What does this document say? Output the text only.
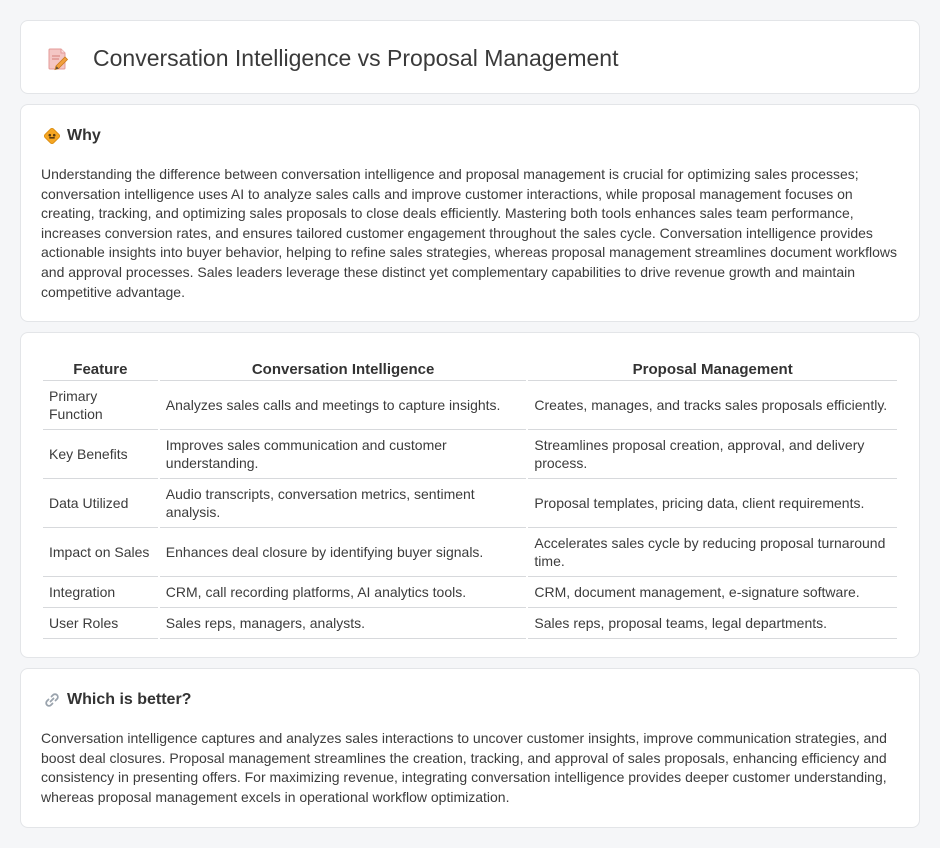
Conversation Intelligence vs Proposal Management
Why

Understanding the difference between conversation intelligence and proposal management is crucial for optimizing sales processes; conversation intelligence uses AI to analyze sales calls and improve customer interactions, while proposal management focuses on creating, tracking, and optimizing sales proposals to close deals efficiently. Mastering both tools enhances sales team performance, increases conversion rates, and ensures tailored customer engagement throughout the sales cycle. Conversation intelligence provides actionable insights into buyer behavior, helping to refine sales strategies, whereas proposal management streamlines document workflows and approval processes. Sales leaders leverage these distinct yet complementary capabilities to drive revenue growth and maintain competitive advantage.

Feature	Conversation Intelligence	Proposal Management
Primary Function	Analyzes sales calls and meetings to capture insights.	Creates, manages, and tracks sales proposals efficiently.
Key Benefits	Improves sales communication and customer understanding.	Streamlines proposal creation, approval, and delivery process.
Data Utilized	Audio transcripts, conversation metrics, sentiment analysis.	Proposal templates, pricing data, client requirements.
Impact on Sales	Enhances deal closure by identifying buyer signals.	Accelerates sales cycle by reducing proposal turnaround time.
Integration	CRM, call recording platforms, AI analytics tools.	CRM, document management, e-signature software.
User Roles	Sales reps, managers, analysts.	Sales reps, proposal teams, legal departments.
Which is better?

Conversation intelligence captures and analyzes sales interactions to uncover customer insights, improve communication strategies, and boost deal closures. Proposal management streamlines the creation, tracking, and approval of sales proposals, enhancing efficiency and consistency in presenting offers. For maximizing revenue, integrating conversation intelligence provides deeper customer understanding, whereas proposal management excels in operational workflow optimization.
